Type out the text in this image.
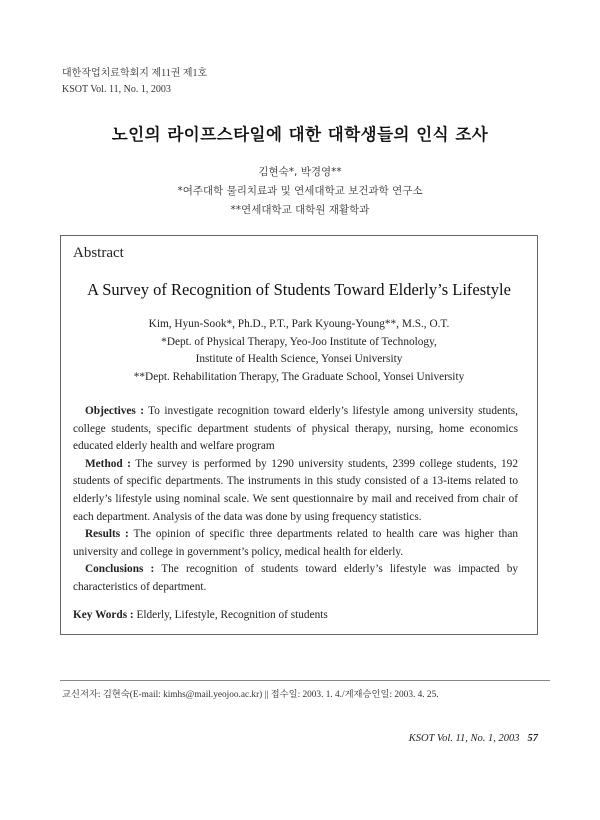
대한작업치료학회지 제11권 제1호
KSOT Vol. 11, No. 1, 2003
노인의 라이프스타일에 대한 대학생들의 인식 조사
김현숙*, 박경영**
*여주대학 물리치료과 및 연세대학교 보건과학 연구소
**연세대학교 대학원 재활학과
Abstract
A Survey of Recognition of Students Toward Elderly’s Lifestyle
Kim, Hyun-Sook*, Ph.D., P.T., Park Kyoung-Young**, M.S., O.T.
*Dept. of Physical Therapy, Yeo-Joo Institute of Technology,
Institute of Health Science, Yonsei University
**Dept. Rehabilitation Therapy, The Graduate School, Yonsei University

Objectives : To investigate recognition toward elderly’s lifestyle among university students, college students, specific department students of physical therapy, nursing, home economics educated elderly health and welfare program

Method : The survey is performed by 1290 university students, 2399 college students, 192 students of specific departments. The instruments in this study consisted of a 13-items related to elderly’s lifestyle using nominal scale. We sent questionnaire by mail and received from chair of each department. Analysis of the data was done by using frequency statistics.

Results : The opinion of specific three departments related to health care was higher than university and college in government’s policy, medical health for elderly.

Conclusions : The recognition of students toward elderly’s lifestyle was impacted by characteristics of department.

Key Words : Elderly, Lifestyle, Recognition of students
교신저자: 김현숙(E-mail: kimhs@mail.yeojoo.ac.kr) || 접수일: 2003. 1. 4./게재승인일: 2003. 4. 25.
KSOT Vol. 11, No. 1, 2003 57
